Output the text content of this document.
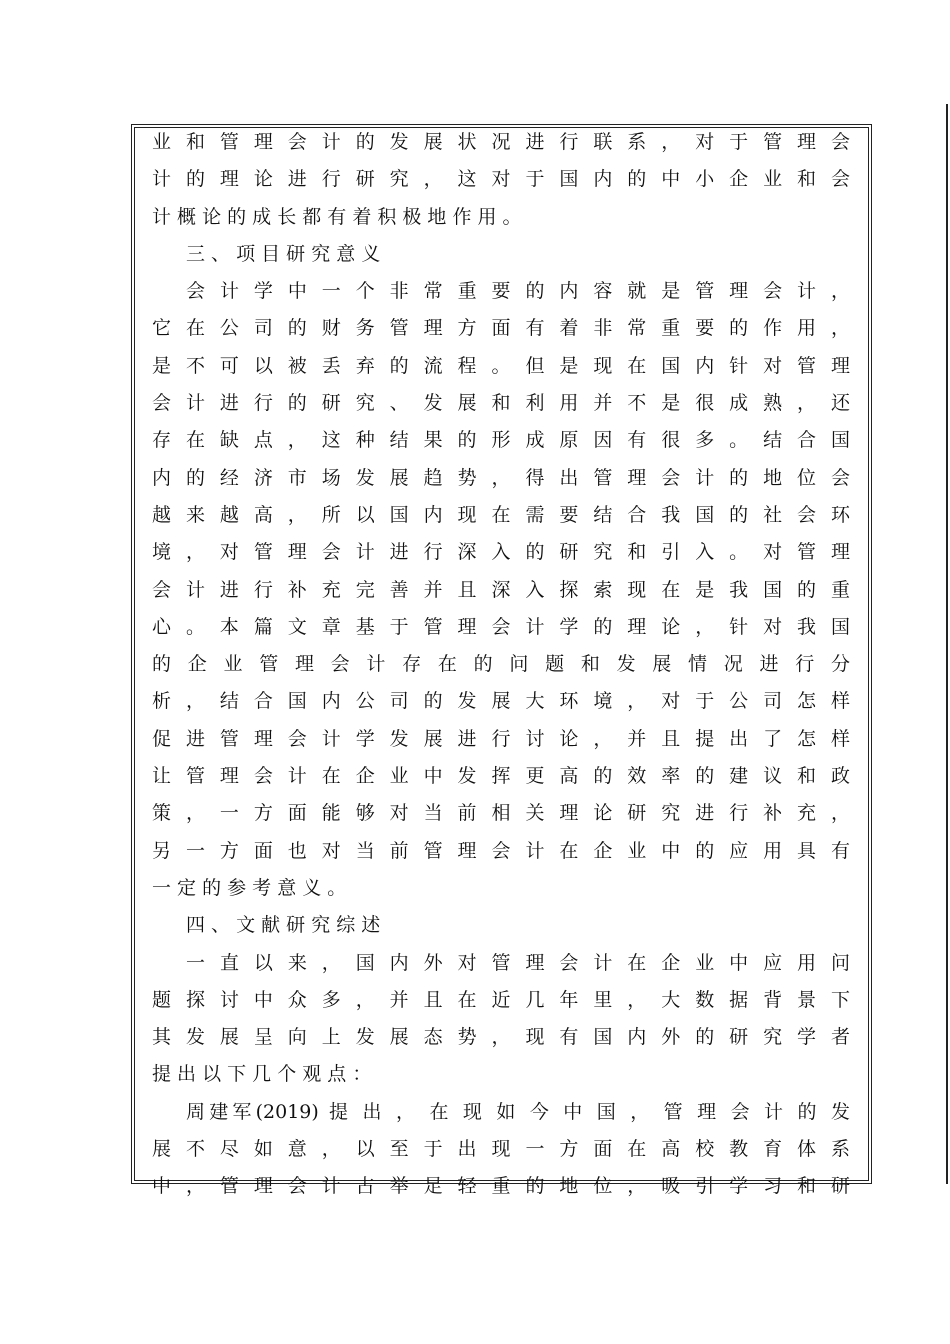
业 和 管 理 会 计 的 发 展 状 况 进 行 联 系 ， 对 于 管 理 会
计 的 理 论 进 行 研 究 ， 这 对 于 国 内 的 中 小 企 业 和 会
计 概 论 的 成 长 都 有 着 积 极 地 作 用 。
三 、 项 目 研 究 意 义
会 计 学 中 一 个 非 常 重 要 的 内 容 就 是 管 理 会 计 ，
它 在 公 司 的 财 务 管 理 方 面 有 着 非 常 重 要 的 作 用 ，
是 不 可 以 被 丢 弃 的 流 程 。 但 是 现 在 国 内 针 对 管 理
会 计 进 行 的 研 究 、 发 展 和 利 用 并 不 是 很 成 熟 ， 还
存 在 缺 点 ， 这 种 结 果 的 形 成 原 因 有 很 多 。 结 合 国
内 的 经 济 市 场 发 展 趋 势 ， 得 出 管 理 会 计 的 地 位 会
越 来 越 高 ， 所 以 国 内 现 在 需 要 结 合 我 国 的 社 会 环
境 ， 对 管 理 会 计 进 行 深 入 的 研 究 和 引 入 。 对 管 理
会 计 进 行 补 充 完 善 并 且 深 入 探 索 现 在 是 我 国 的 重
心 。 本 篇 文 章 基 于 管 理 会 计 学 的 理 论 ， 针 对 我 国
的 企 业 管 理 会 计 存 在 的 问 题 和 发 展 情 况 进 行 分
析 ， 结 合 国 内 公 司 的 发 展 大 环 境 ， 对 于 公 司 怎 样
促 进 管 理 会 计 学 发 展 进 行 讨 论 ， 并 且 提 出 了 怎 样
让 管 理 会 计 在 企 业 中 发 挥 更 高 的 效 率 的 建 议 和 政
策 ， 一 方 面 能 够 对 当 前 相 关 理 论 研 究 进 行 补 充 ，
另 一 方 面 也 对 当 前 管 理 会 计 在 企 业 中 的 应 用 具 有
一 定 的 参 考 意 义 。
四 、 文 献 研 究 综 述
一 直 以 来 ， 国 内 外 对 管 理 会 计 在 企 业 中 应 用 问
题 探 讨 中 众 多 ， 并 且 在 近 几 年 里 ， 大 数 据 背 景 下
其 发 展 呈 向 上 发 展 态 势 ， 现 有 国 内 外 的 研 究 学 者
提 出 以 下 几 个 观 点 ：
周建军(2019) 提 出 ， 在 现 如 今 中 国 ， 管 理 会 计 的 发
展 不 尽 如 意 ， 以 至 于 出 现 一 方 面 在 高 校 教 育 体 系
中 ， 管 理 会 计 占 举 足 轻 重 的 地 位 ， 吸 引 学 习 和 研
